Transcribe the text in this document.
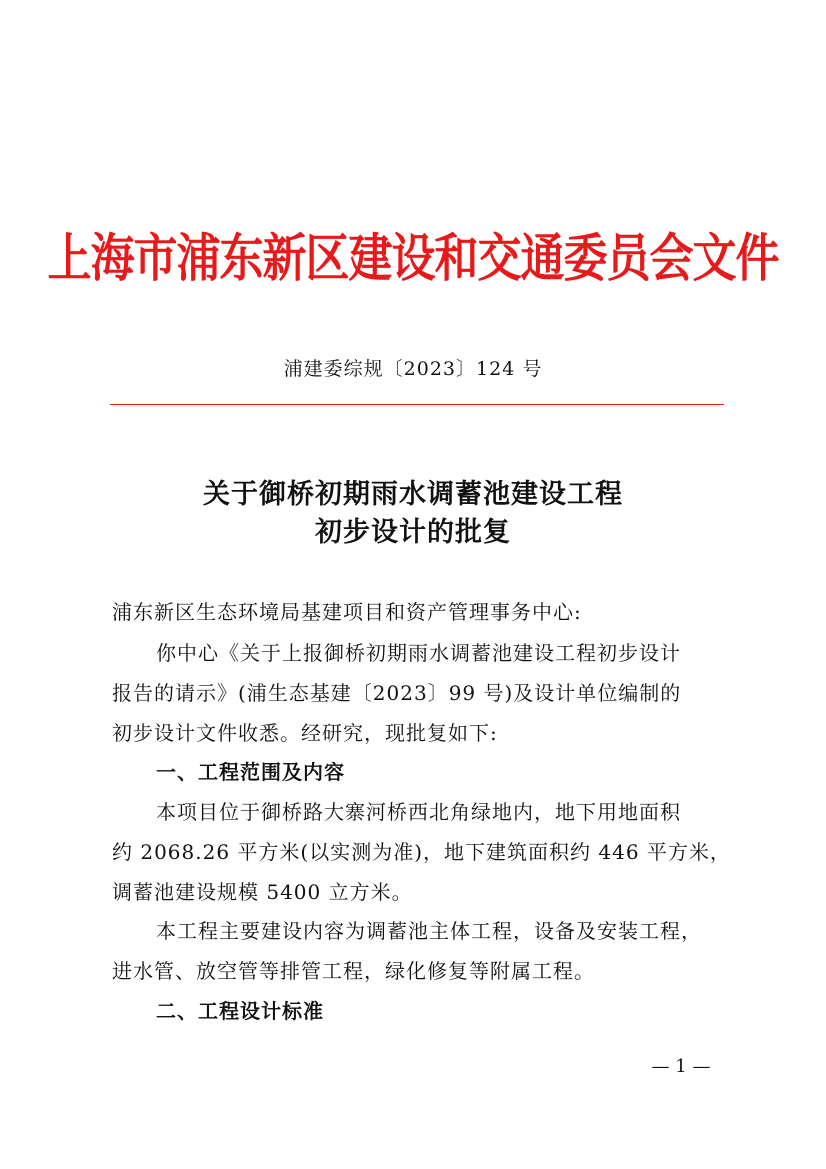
上海市浦东新区建设和交通委员会文件
浦建委综规〔2023〕124 号
关于御桥初期雨水调蓄池建设工程
初步设计的批复
浦东新区生态环境局基建项目和资产管理事务中心:
你中心《关于上报御桥初期雨水调蓄池建设工程初步设计
报告的请示》(浦生态基建〔2023〕99 号)及设计单位编制的
初步设计文件收悉。经研究，现批复如下:
一、工程范围及内容
本项目位于御桥路大寨河桥西北角绿地内，地下用地面积
约 2068.26 平方米(以实测为准)，地下建筑面积约 446 平方米，
调蓄池建设规模 5400 立方米。
本工程主要建设内容为调蓄池主体工程，设备及安装工程，
进水管、放空管等排管工程，绿化修复等附属工程。
二、工程设计标准
— 1 —
